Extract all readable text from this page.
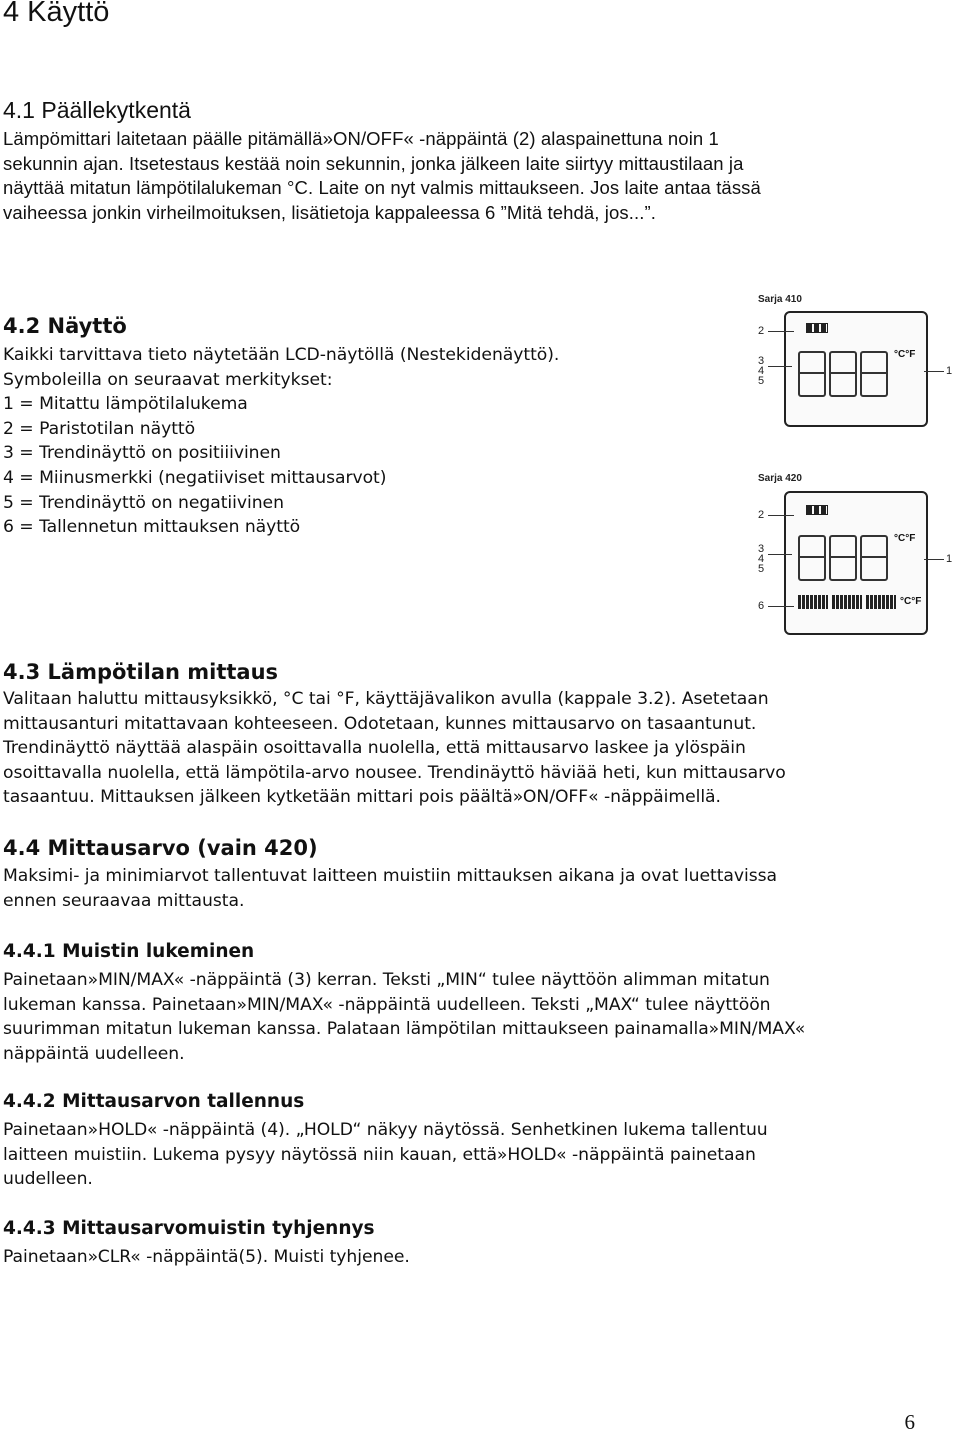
4 Käyttö
4.1 Päällekytkentä
Lämpömittari laitetaan päälle pitämällä»ON/OFF« -näppäintä (2) alaspainettuna noin 1
sekunnin ajan. Itsetestaus kestää noin sekunnin, jonka jälkeen laite siirtyy mittaustilaan ja
näyttää mitatun lämpötilalukeman °C. Laite on nyt valmis mittaukseen. Jos laite antaa tässä
vaiheessa jonkin virheilmoituksen, lisätietoja kappaleessa 6 ”Mitä tehdä, jos...”.
4.2 Näyttö
Kaikki tarvittava tieto näytetään LCD-näytöllä (Nestekidenäyttö).
Symboleilla on seuraavat merkitykset:
1 = Mitattu lämpötilalukema
2 = Paristotilan näyttö
3 = Trendinäyttö on positiiivinen
4 = Miinusmerkki (negatiiviset mittausarvot)
5 = Trendinäyttö on negatiivinen
6 = Tallennetun mittauksen näyttö
Sarja 410
°C°F
2
3
4
5
1
Sarja 420
°C°F
°C°F
2
3
4
5
6
1
4.3 Lämpötilan mittaus
Valitaan haluttu mittausyksikkö, °C tai °F, käyttäjävalikon avulla (kappale 3.2). Asetetaan
mittausanturi mitattavaan kohteeseen. Odotetaan, kunnes mittausarvo on tasaantunut.
Trendinäyttö näyttää alaspäin osoittavalla nuolella, että mittausarvo laskee ja ylöspäin
osoittavalla nuolella, että lämpötila-arvo nousee. Trendinäyttö häviää heti, kun mittausarvo
tasaantuu. Mittauksen jälkeen kytketään mittari pois päältä»ON/OFF« -näppäimellä.
4.4 Mittausarvo (vain 420)
Maksimi- ja minimiarvot tallentuvat laitteen muistiin mittauksen aikana ja ovat luettavissa
ennen seuraavaa mittausta.
4.4.1 Muistin lukeminen
Painetaan»MIN/MAX« -näppäintä (3) kerran. Teksti „MIN“ tulee näyttöön alimman mitatun
lukeman kanssa. Painetaan»MIN/MAX« -näppäintä uudelleen. Teksti „MAX“ tulee näyttöön
suurimman mitatun lukeman kanssa. Palataan lämpötilan mittaukseen painamalla»MIN/MAX«
näppäintä uudelleen.
4.4.2 Mittausarvon tallennus
Painetaan»HOLD« -näppäintä (4). „HOLD“ näkyy näytössä. Senhetkinen lukema tallentuu
laitteen muistiin. Lukema pysyy näytössä niin kauan, että»HOLD« -näppäintä painetaan
uudelleen.
4.4.3 Mittausarvomuistin tyhjennys
Painetaan»CLR« -näppäintä(5). Muisti tyhjenee.
6
